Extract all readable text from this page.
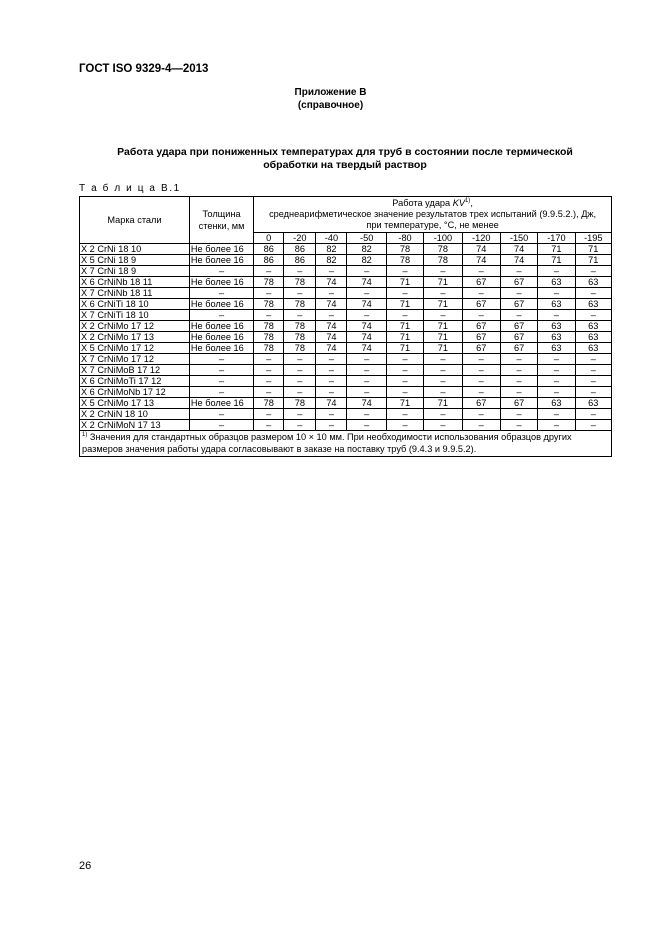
ГОСТ ISO 9329-4—2013
Приложение В
(справочное)
Работа удара при пониженных температурах для труб в состоянии после термической обработки на твердый раствор
Т а б л и ц а В.1
Марка стали	Толщина стенки, мм	Работа удара KV$^{1)}$,
среднеарифметическое значение результатов трех испытаний (9.9.5.2.), Дж,
при температуре, °С, не менее									

		0	-20	-40	-50	-80	-100	-120	-150	-170	-195
X 2 CrNi 18 10	Не более 16	86	86	82	82	78	78	74	74	71	71
X 5 CrNi 18 9	Не более 16	86	86	82	82	78	78	74	74	71	71
X 7 CrNi 18 9	–	–	–	–	–	–	–	–	–	–	–
X 6 CrNiNb 18 11	Не более 16	78	78	74	74	71	71	67	67	63	63
X 7 CrNiNb 18 11	–	–	–	–	–	–	–	–	–	–	–
X 6 CrNiTi 18 10	Не более 16	78	78	74	74	71	71	67	67	63	63
X 7 CrNiTi 18 10	–	–	–	–	–	–	–	–	–	–	–
X 2 CrNiMo 17 12	Не более 16	78	78	74	74	71	71	67	67	63	63
X 2 CrNiMo 17 13	Не более 16	78	78	74	74	71	71	67	67	63	63
X 5 CrNiMo 17 12	Не более 16	78	78	74	74	71	71	67	67	63	63
X 7 CrNiMo 17 12	–	–	–	–	–	–	–	–	–	–	–
X 7 CrNiMoB 17 12	–	–	–	–	–	–	–	–	–	–	–
X 6 CrNiMoTi 17 12	–	–	–	–	–	–	–	–	–	–	–
X 6 CrNiMoNb 17 12	–	–	–	–	–	–	–	–	–	–	–
X 5 CrNiMo 17 13	Не более 16	78	78	74	74	71	71	67	67	63	63
X 2 CrNiN 18 10	–	–	–	–	–	–	–	–	–	–	–
X 2 CrNiMoN 17 13	–	–	–	–	–	–	–	–	–	–	–
$^{1)}$ Значения для стандартных образцов размером 10 × 10 мм. При необходимости использования образцов других размеров значения работы удара согласовывают в заказе на поставку труб (9.4.3 и 9.9.5.2).											
26
